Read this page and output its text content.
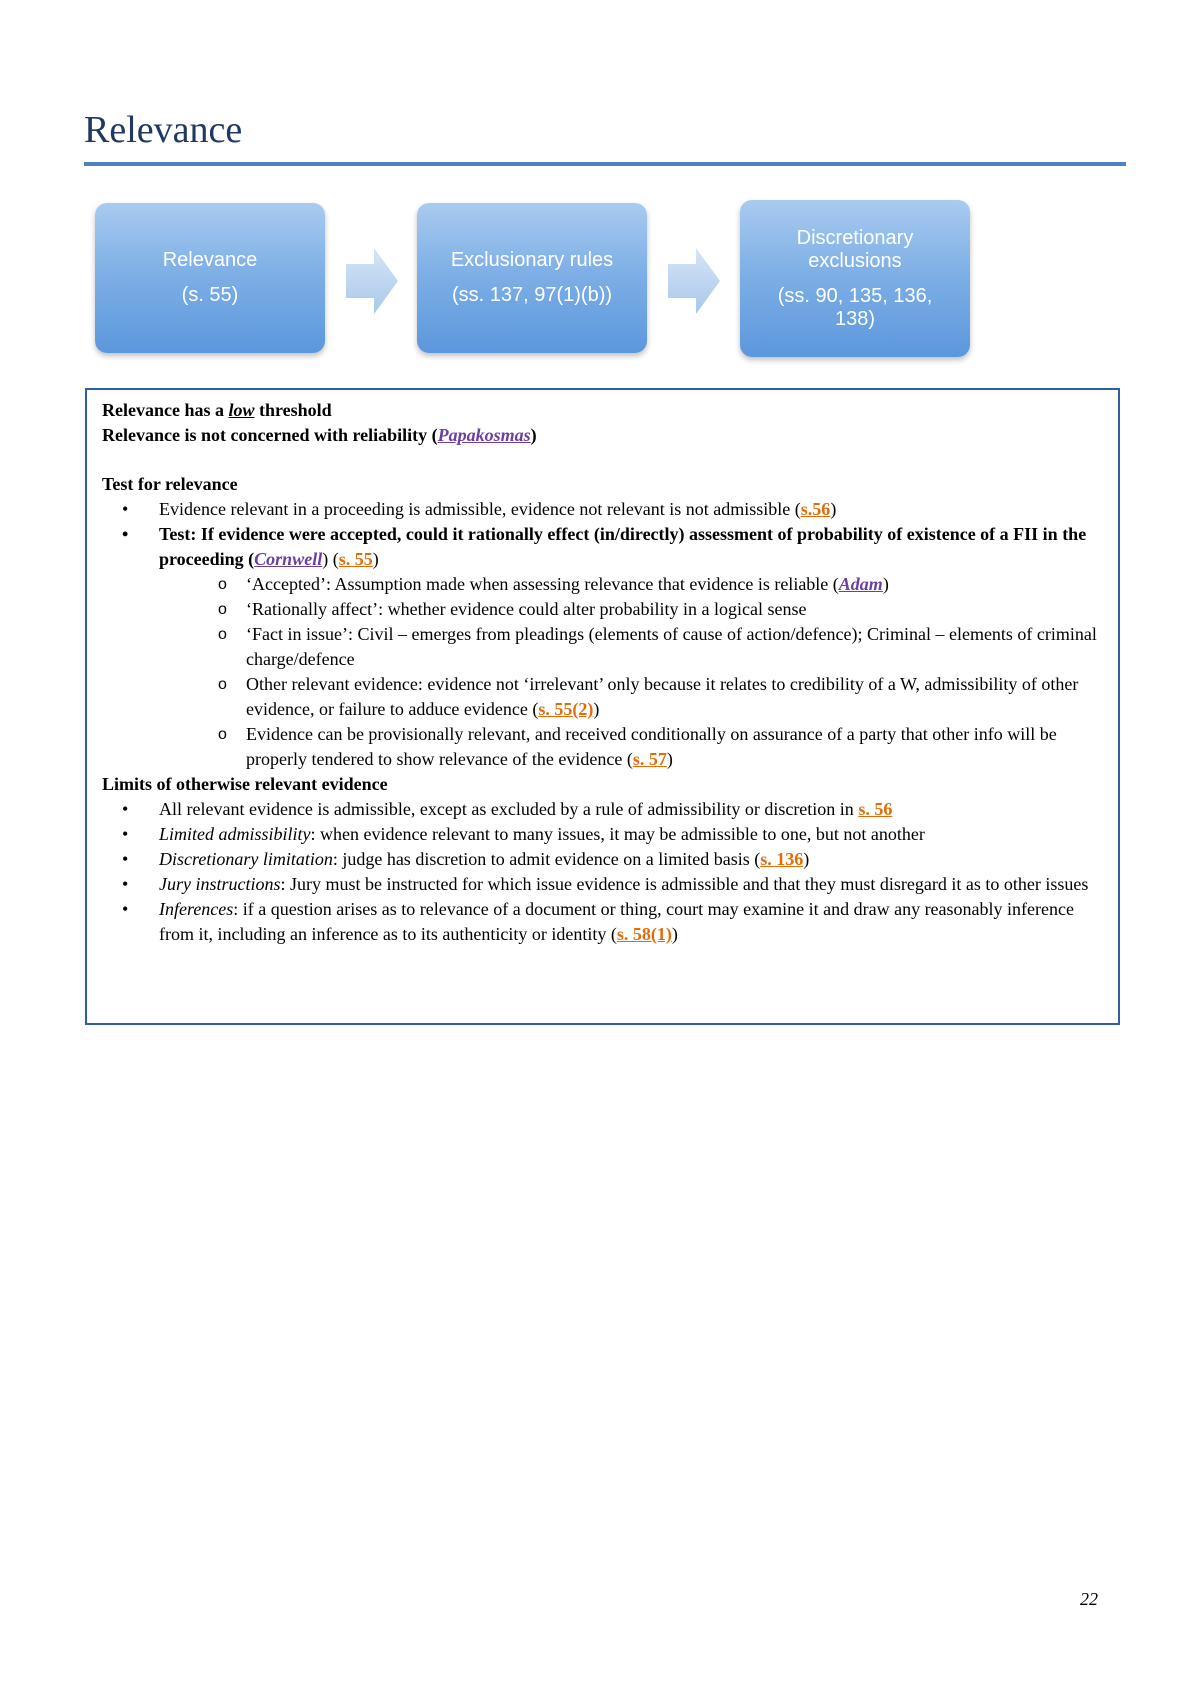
Relevance
Relevance
(s. 55)
Exclusionary rules
(ss. 137, 97(1)(b))
Discretionary exclusions
(ss. 90, 135, 136, 138)

Relevance has a low threshold

Relevance is not concerned with reliability (Papakosmas)

Test for relevance

• Evidence relevant in a proceeding is admissible, evidence not relevant is not admissible (s.56)
• Test: If evidence were accepted, could it rationally effect (in/directly) assessment of probability of existence of a FII in the proceeding (Cornwell) (s. 55)
o ‘Accepted’: Assumption made when assessing relevance that evidence is reliable (Adam)
o ‘Rationally affect’: whether evidence could alter probability in a logical sense
o ‘Fact in issue’: Civil – emerges from pleadings (elements of cause of action/defence); Criminal – elements of criminal charge/defence
o Other relevant evidence: evidence not ‘irrelevant’ only because it relates to credibility of a W, admissibility of other evidence, or failure to adduce evidence (s. 55(2))
o Evidence can be provisionally relevant, and received conditionally on assurance of a party that other info will be properly tendered to show relevance of the evidence (s. 57)

Limits of otherwise relevant evidence

• All relevant evidence is admissible, except as excluded by a rule of admissibility or discretion in s. 56
• Limited admissibility: when evidence relevant to many issues, it may be admissible to one, but not another
• Discretionary limitation: judge has discretion to admit evidence on a limited basis (s. 136)
• Jury instructions: Jury must be instructed for which issue evidence is admissible and that they must disregard it as to other issues
• Inferences: if a question arises as to relevance of a document or thing, court may examine it and draw any reasonably inference from it, including an inference as to its authenticity or identity (s. 58(1))
22
